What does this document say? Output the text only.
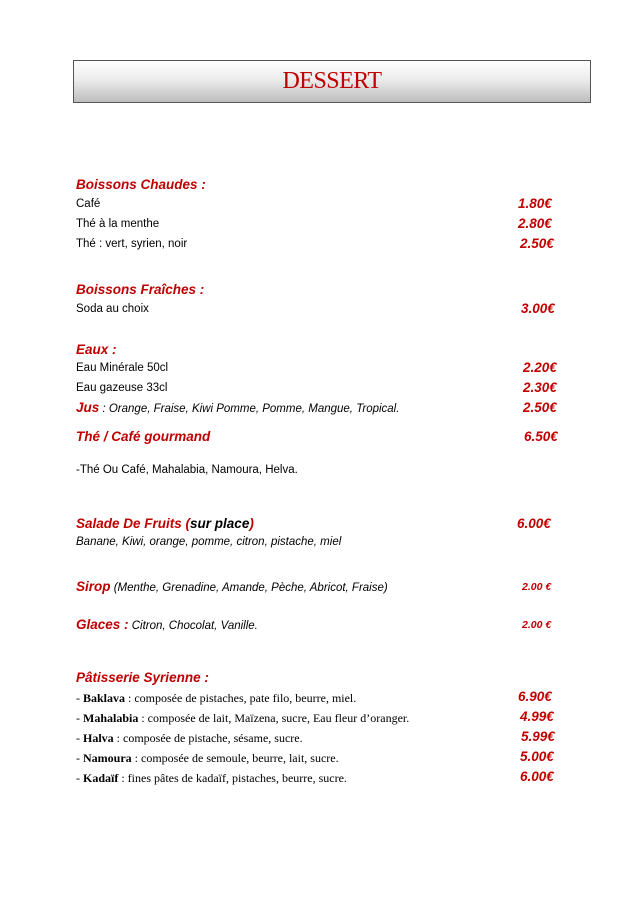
DESSERT
Boissons Chaudes :
Café	1.80€
Thé à la menthe	2.80€
Thé : vert, syrien, noir	2.50€
Boissons Fraîches :
Soda au choix	3.00€
Eaux :
Eau Minérale 50cl	2.20€
Eau gazeuse 33cl	2.30€
Jus : Orange, Fraise, Kiwi Pomme, Pomme, Mangue, Tropical.	2.50€
Thé / Café gourmand	6.50€
-Thé Ou Café, Mahalabia, Namoura, Helva.
Salade De Fruits (sur place)	6.00€
Banane, Kiwi, orange, pomme, citron, pistache, miel
Sirop (Menthe, Grenadine, Amande, Pèche, Abricot, Fraise)	2.00 €
Glaces : Citron, Chocolat, Vanille.	2.00 €
Pâtisserie Syrienne :
- Baklava : composée de pistaches, pate filo, beurre, miel.	6.90€
- Mahalabia : composée de lait, Maïzena, sucre, Eau fleur d’oranger.	4.99€
- Halva : composée de pistache, sésame, sucre.	5.99€
- Namoura : composée de semoule, beurre, lait, sucre.	5.00€
- Kadaïf : fines pâtes de kadaïf, pistaches, beurre, sucre.	6.00€
